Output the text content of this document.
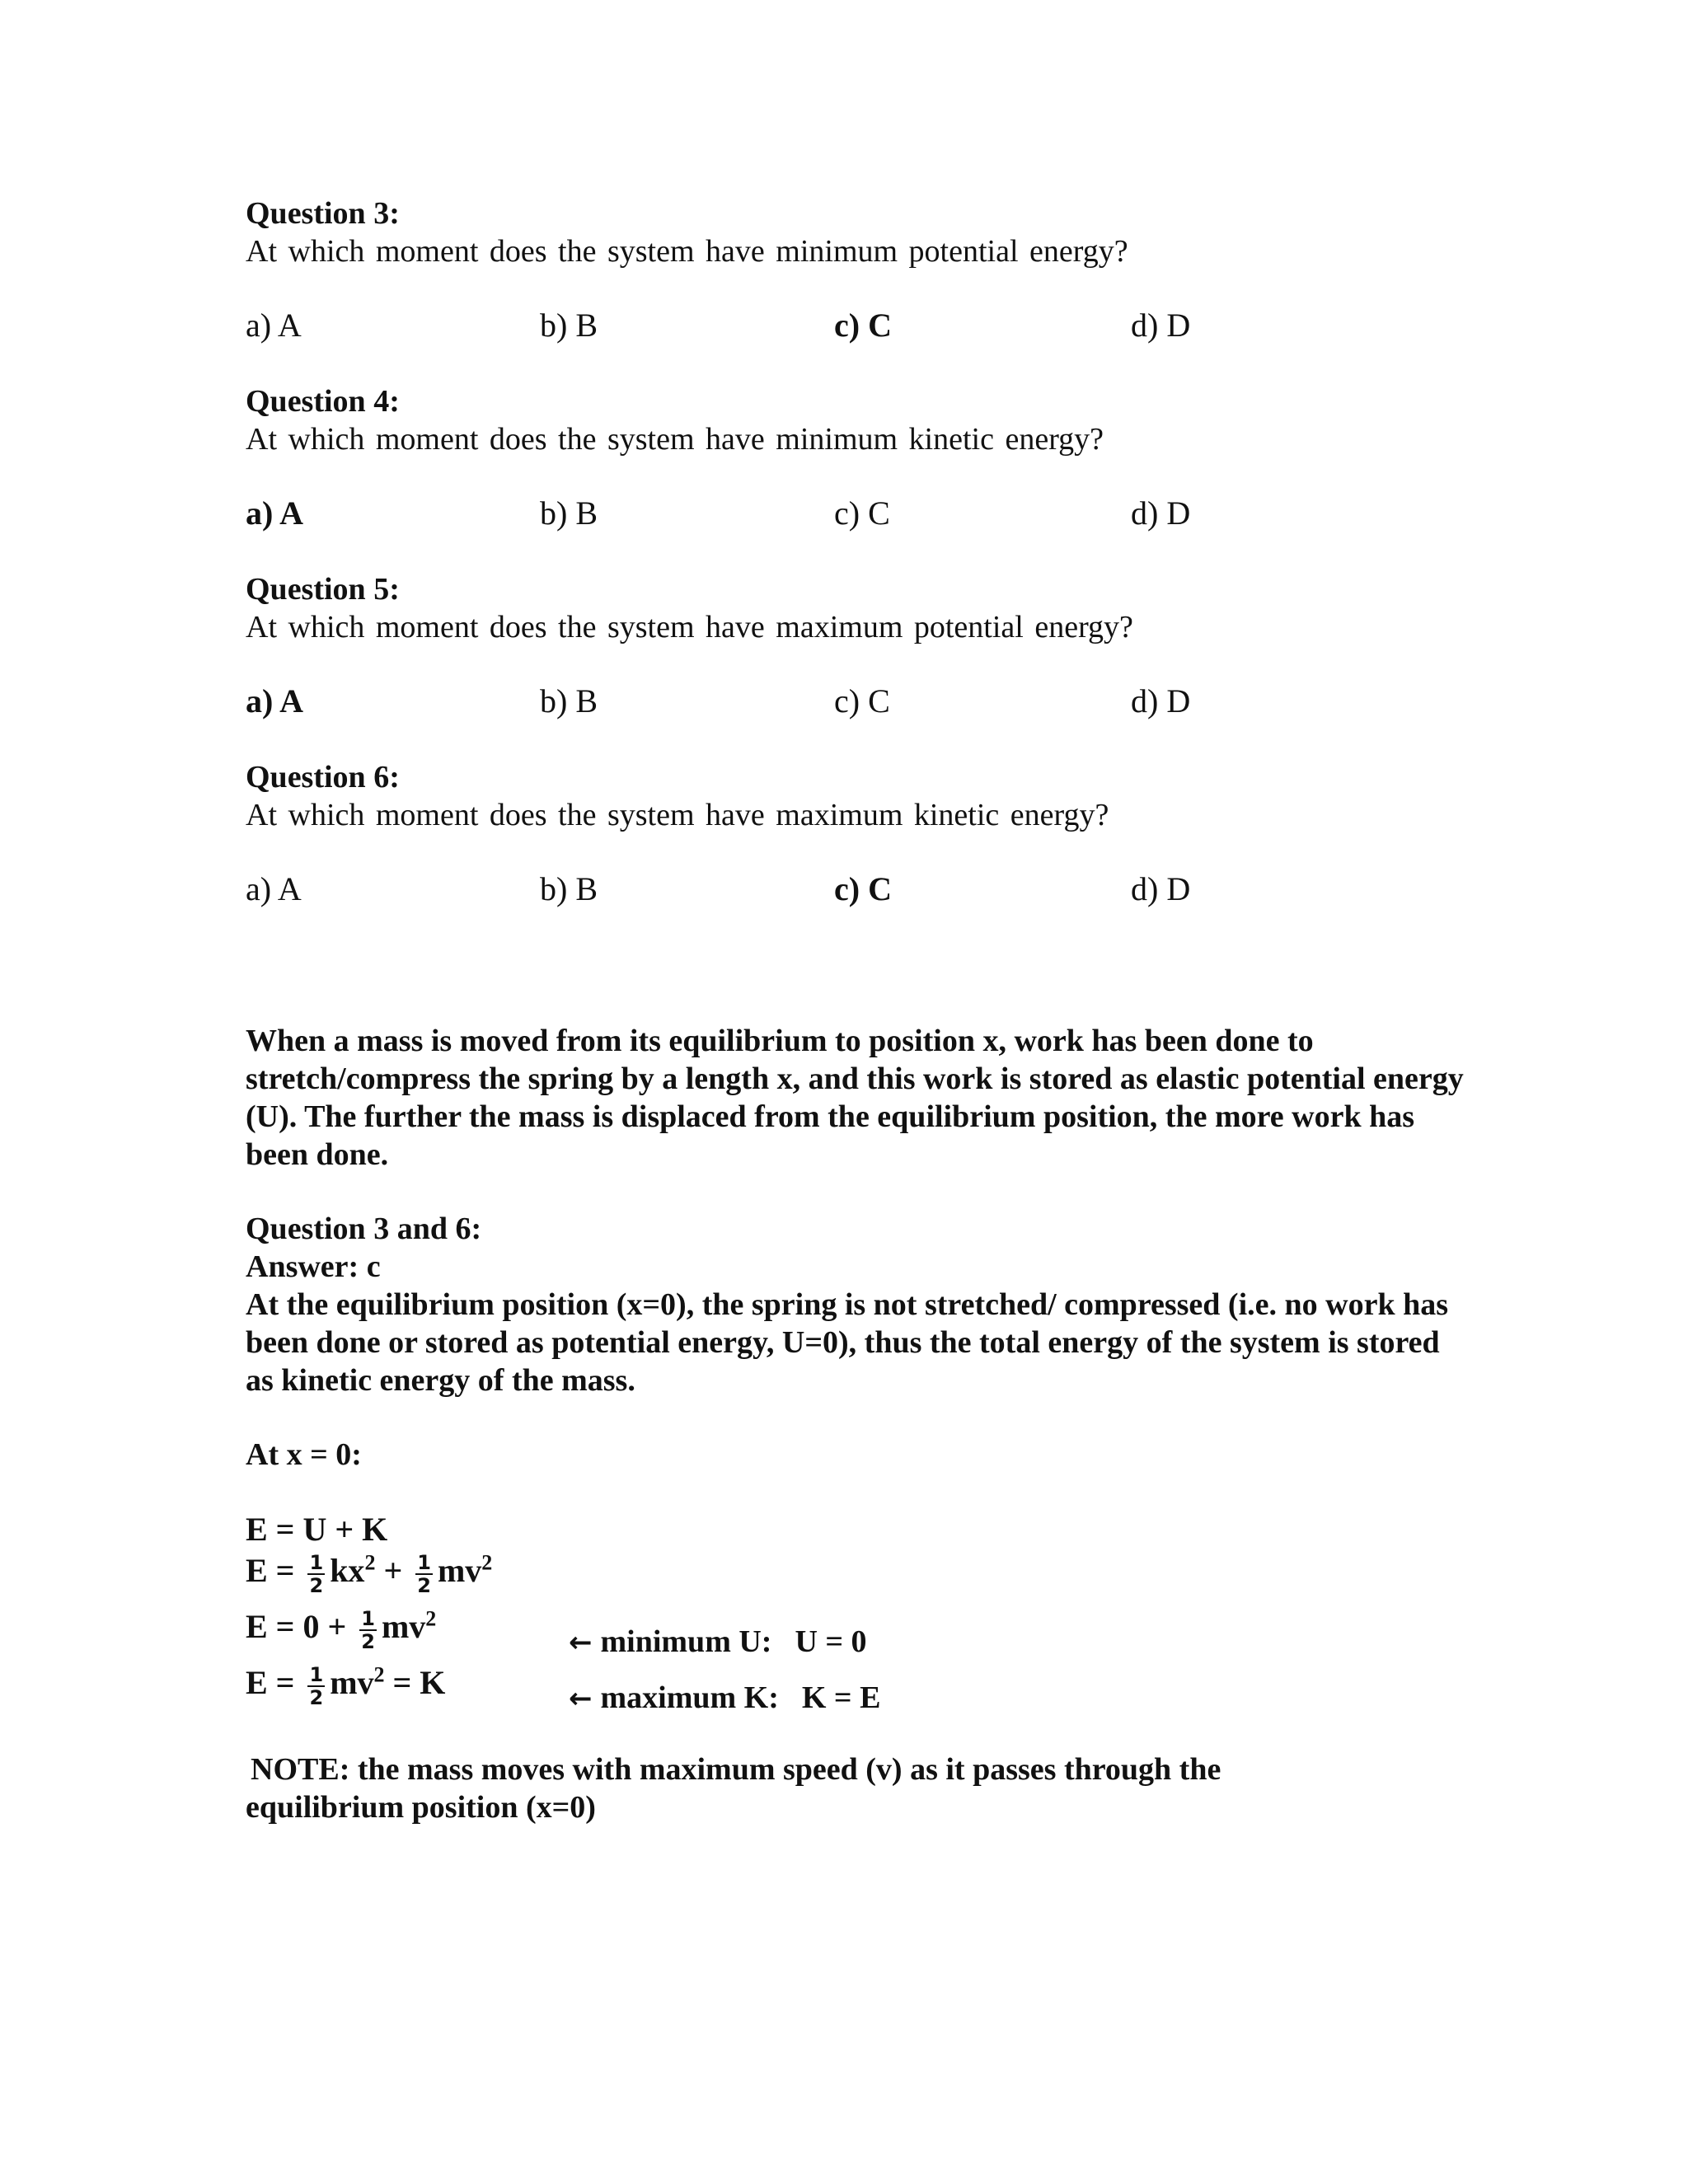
Question 3:
At which moment does the system have minimum potential energy?
a) A	b) B	c) C	d) D
Question 4:
At which moment does the system have minimum kinetic energy?
a) A	b) B	c) C	d) D
Question 5:
At which moment does the system have maximum potential energy?
a) A	b) B	c) C	d) D
Question 6:
At which moment does the system have maximum kinetic energy?
a) A	b) B	c) C	d) D

When a mass is moved from its equilibrium to position x, work has been done to stretch/compress the spring by a length x, and this work is stored as elastic potential energy (U). The further the mass is displaced from the equilibrium position, the more work has been done.

Question 3 and 6:
Answer: c

At the equilibrium position (x=0), the spring is not stretched/ compressed (i.e. no work has been done or stored as potential energy, U=0), thus the total energy of the system is stored as kinetic energy of the mass.

At x = 0:
E = U + K
$E = \frac{1}{2} kx^2 + \frac{1}{2} mv^2$
$E = 0 + \frac{1}{2} mv^2$
$E = \frac{1}{2} mv^2 = K$
← minimum U: U = 0
← maximum K: K = E

NOTE: the mass moves with maximum speed (v) as it passes through the equilibrium position (x=0)
